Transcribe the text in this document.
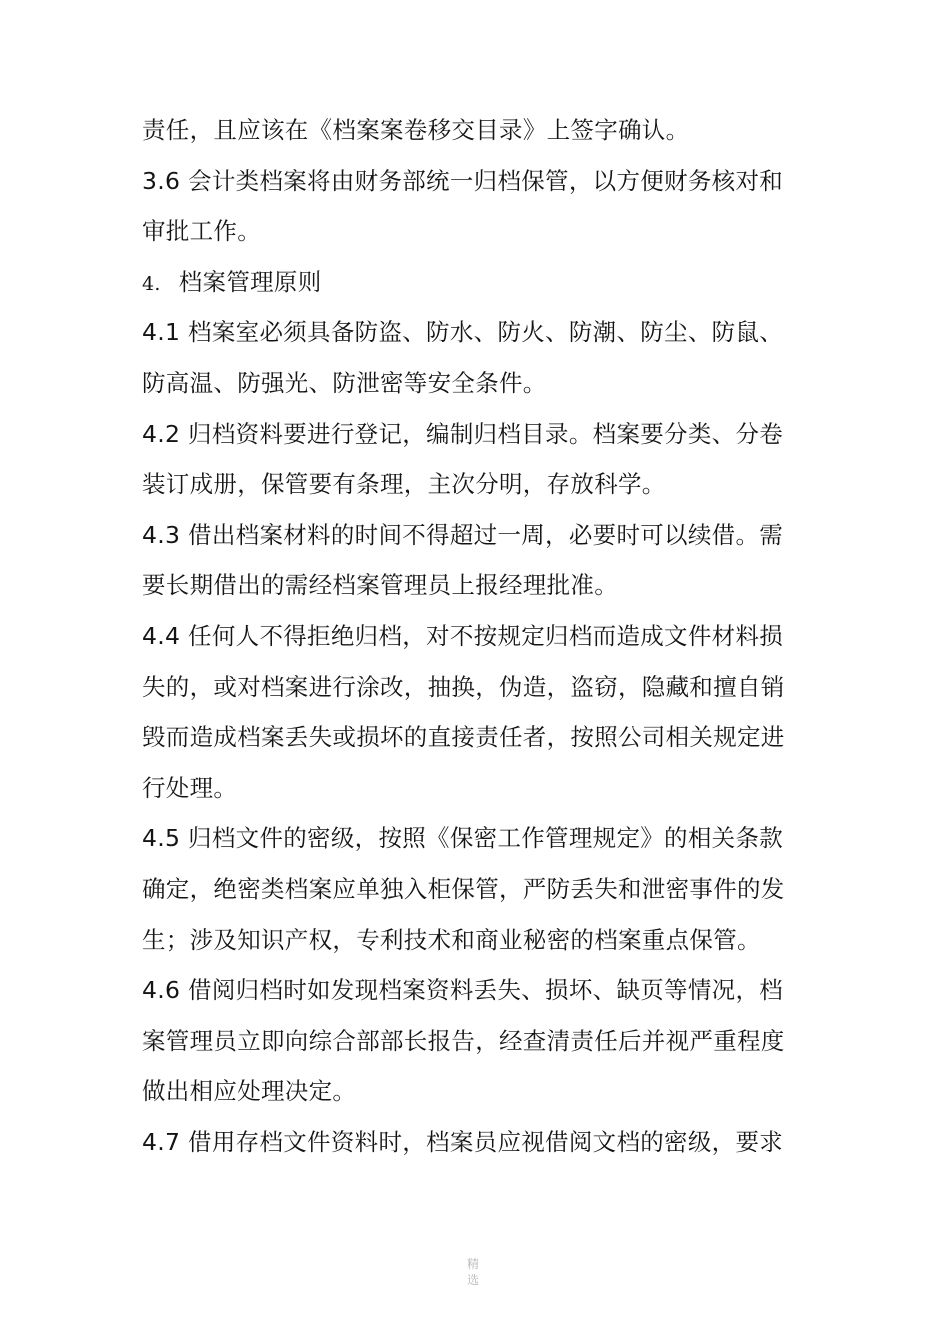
责任，且应该在《档案案卷移交目录》上签字确认。
3.6 会计类档案将由财务部统一归档保管，以方便财务核对和
审批工作。
4. 档案管理原则
4.1 档案室必须具备防盗、防水、防火、防潮、防尘、防鼠、
防高温、防强光、防泄密等安全条件。
4.2 归档资料要进行登记，编制归档目录。档案要分类、分卷
装订成册，保管要有条理，主次分明，存放科学。
4.3 借出档案材料的时间不得超过一周，必要时可以续借。需
要长期借出的需经档案管理员上报经理批准。
4.4 任何人不得拒绝归档，对不按规定归档而造成文件材料损
失的，或对档案进行涂改，抽换，伪造，盗窃，隐藏和擅自销
毁而造成档案丢失或损坏的直接责任者，按照公司相关规定进
行处理。
4.5 归档文件的密级，按照《保密工作管理规定》的相关条款
确定，绝密类档案应单独入柜保管，严防丢失和泄密事件的发
生；涉及知识产权，专利技术和商业秘密的档案重点保管。
4.6 借阅归档时如发现档案资料丢失、损坏、缺页等情况，档
案管理员立即向综合部部长报告，经查清责任后并视严重程度
做出相应处理决定。
4.7 借用存档文件资料时，档案员应视借阅文档的密级，要求
精
选
